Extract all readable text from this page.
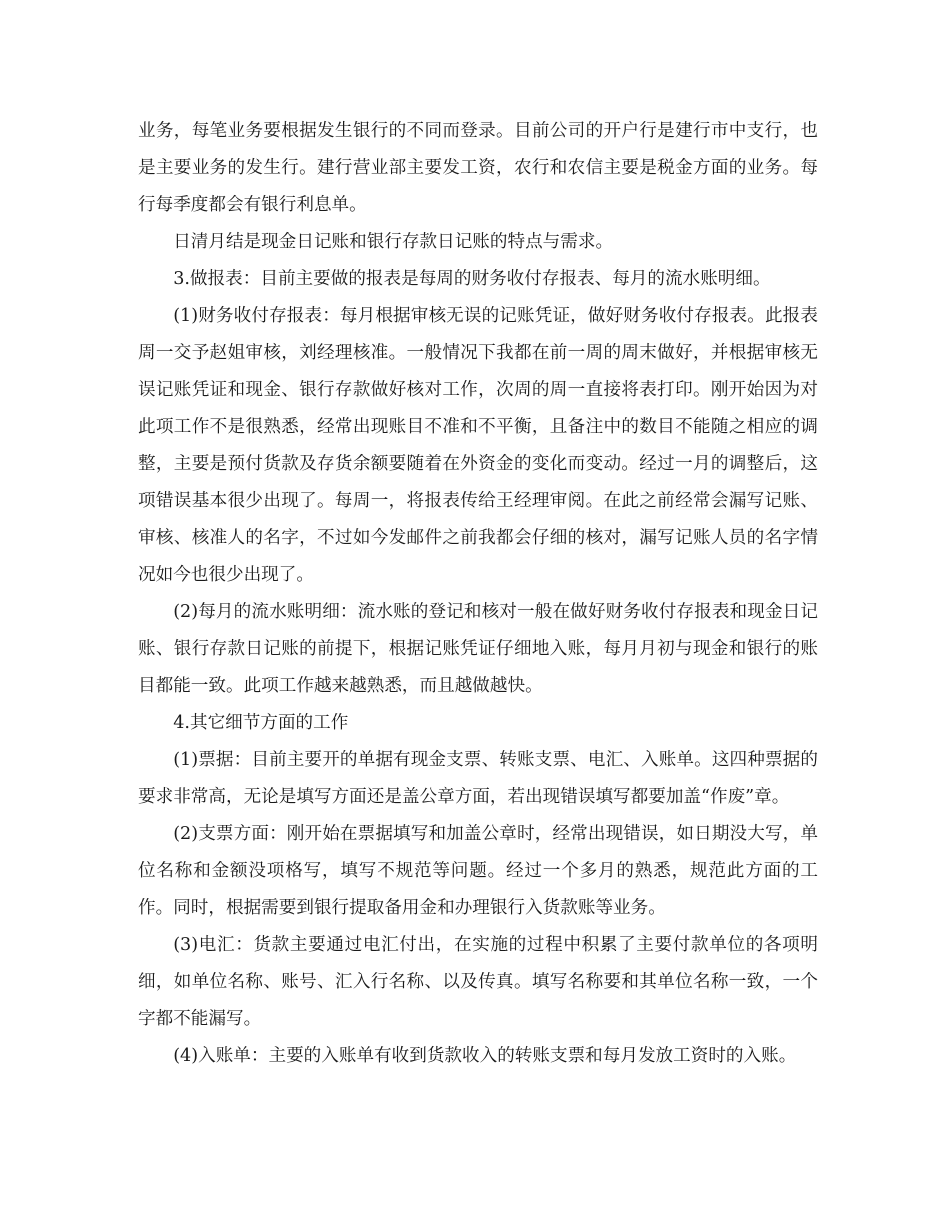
业务，每笔业务要根据发生银行的不同而登录。目前公司的开户行是建行市中支行，也是主要业务的发生行。建行营业部主要发工资，农行和农信主要是税金方面的业务。每行每季度都会有银行利息单。

日清月结是现金日记账和银行存款日记账的特点与需求。

3.做报表：目前主要做的报表是每周的财务收付存报表、每月的流水账明细。

(1)财务收付存报表：每月根据审核无误的记账凭证，做好财务收付存报表。此报表周一交予赵姐审核，刘经理核准。一般情况下我都在前一周的周末做好，并根据审核无误记账凭证和现金、银行存款做好核对工作，次周的周一直接将表打印。刚开始因为对此项工作不是很熟悉，经常出现账目不准和不平衡，且备注中的数目不能随之相应的调整，主要是预付货款及存货余额要随着在外资金的变化而变动。经过一月的调整后，这项错误基本很少出现了。每周一，将报表传给王经理审阅。在此之前经常会漏写记账、审核、核准人的名字，不过如今发邮件之前我都会仔细的核对，漏写记账人员的名字情况如今也很少出现了。

(2)每月的流水账明细：流水账的登记和核对一般在做好财务收付存报表和现金日记账、银行存款日记账的前提下，根据记账凭证仔细地入账，每月月初与现金和银行的账目都能一致。此项工作越来越熟悉，而且越做越快。

4.其它细节方面的工作

(1)票据：目前主要开的单据有现金支票、转账支票、电汇、入账单。这四种票据的要求非常高，无论是填写方面还是盖公章方面，若出现错误填写都要加盖“作废”章。

(2)支票方面：刚开始在票据填写和加盖公章时，经常出现错误，如日期没大写，单位名称和金额没项格写，填写不规范等问题。经过一个多月的熟悉，规范此方面的工作。同时，根据需要到银行提取备用金和办理银行入货款账等业务。

(3)电汇：货款主要通过电汇付出，在实施的过程中积累了主要付款单位的各项明细，如单位名称、账号、汇入行名称、以及传真。填写名称要和其单位名称一致，一个字都不能漏写。

(4)入账单：主要的入账单有收到货款收入的转账支票和每月发放工资时的入账。
